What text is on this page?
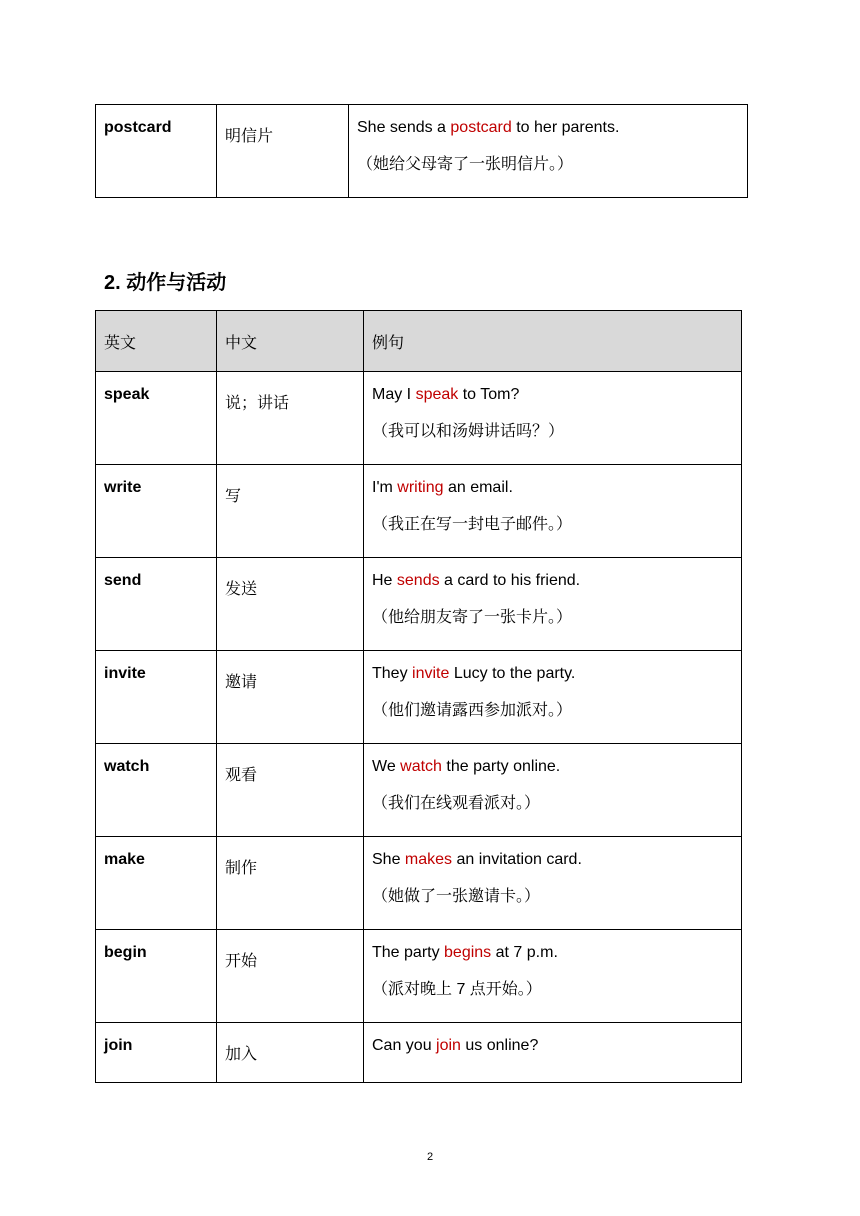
postcard	明信片	She sends a postcard to her parents.
（她给父母寄了一张明信片。）
2. 动作与活动
英文	中文	例句
speak	说；讲话	May I speak to Tom?
（我可以和汤姆讲话吗？）

write	写	I'm writing an email.
（我正在写一封电子邮件。）

send	发送	He sends a card to his friend.
（他给朋友寄了一张卡片。）

invite	邀请	They invite Lucy to the party.
（他们邀请露西参加派对。）

watch	观看	We watch the party online.
（我们在线观看派对。）

make	制作	She makes an invitation card.
（她做了一张邀请卡。）

begin	开始	The party begins at 7 p.m.
（派对晚上 7 点开始。）

join	加入	Can you join us online?
2
